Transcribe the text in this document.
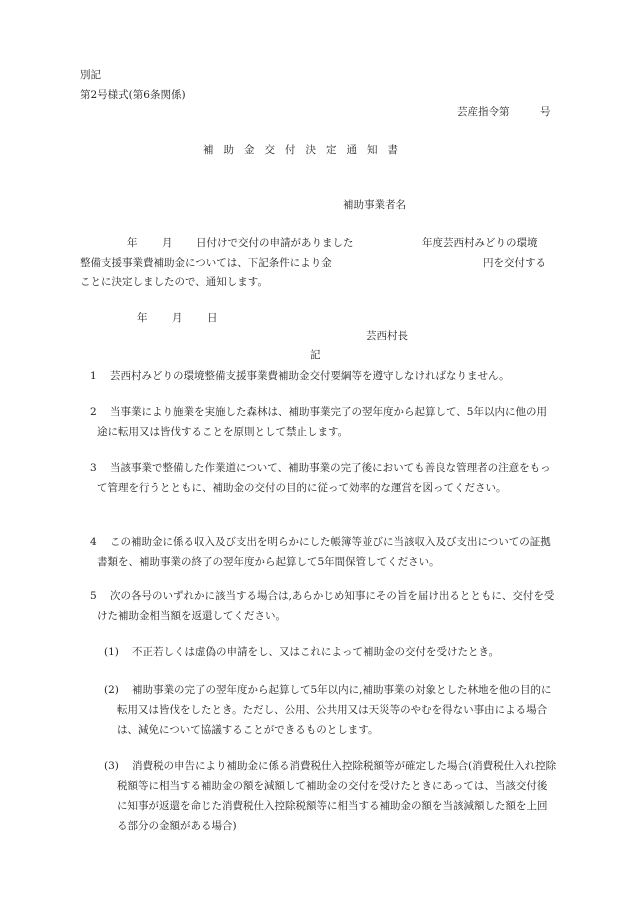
別記
第2号様式(第6条関係)
芸産指令第	号
補助金交付決定通知書
補助事業者名
年 月 日付けで交付の申請がありました	年度芸西村みどりの環境
整備支援事業費補助金については、下記条件により金	円を交付する
ことに決定しましたので、通知します。
年 月 日
芸西村長
記
1 芸西村みどりの環境整備支援事業費補助金交付要綱等を遵守しなければなりません。
2	当事業により施業を実施した森林は、補助事業完了の翌年度から起算して、5年以内に他の用途に転用又は皆伐することを原則として禁止します。
3	当該事業で整備した作業道について、補助事業の完了後においても善良な管理者の注意をもって管理を行うとともに、補助金の交付の目的に従って効率的な運営を図ってください。
4	この補助金に係る収入及び支出を明らかにした帳簿等並びに当該収入及び支出についての証拠書類を、補助事業の終了の翌年度から起算して5年間保管してください。
5	次の各号のいずれかに該当する場合は,あらかじめ知事にその旨を届け出るとともに、交付を受けた補助金相当額を返還してください。
(1) 不正若しくは虚偽の申請をし、又はこれによって補助金の交付を受けたとき。
(2)	補助事業の完了の翌年度から起算して5年以内に,補助事業の対象とした林地を他の目的に転用又は皆伐をしたとき。ただし、公用、公共用又は天災等のやむを得ない事由による場合は、減免について協議することができるものとします。
(3)	消費税の申告により補助金に係る消費税仕入控除税額等が確定した場合(消費税仕入れ控除税額等に相当する補助金の額を減額して補助金の交付を受けたときにあっては、当該交付後に知事が返還を命じた消費税仕入控除税額等に相当する補助金の額を当該減額した額を上回る部分の金額がある場合)
